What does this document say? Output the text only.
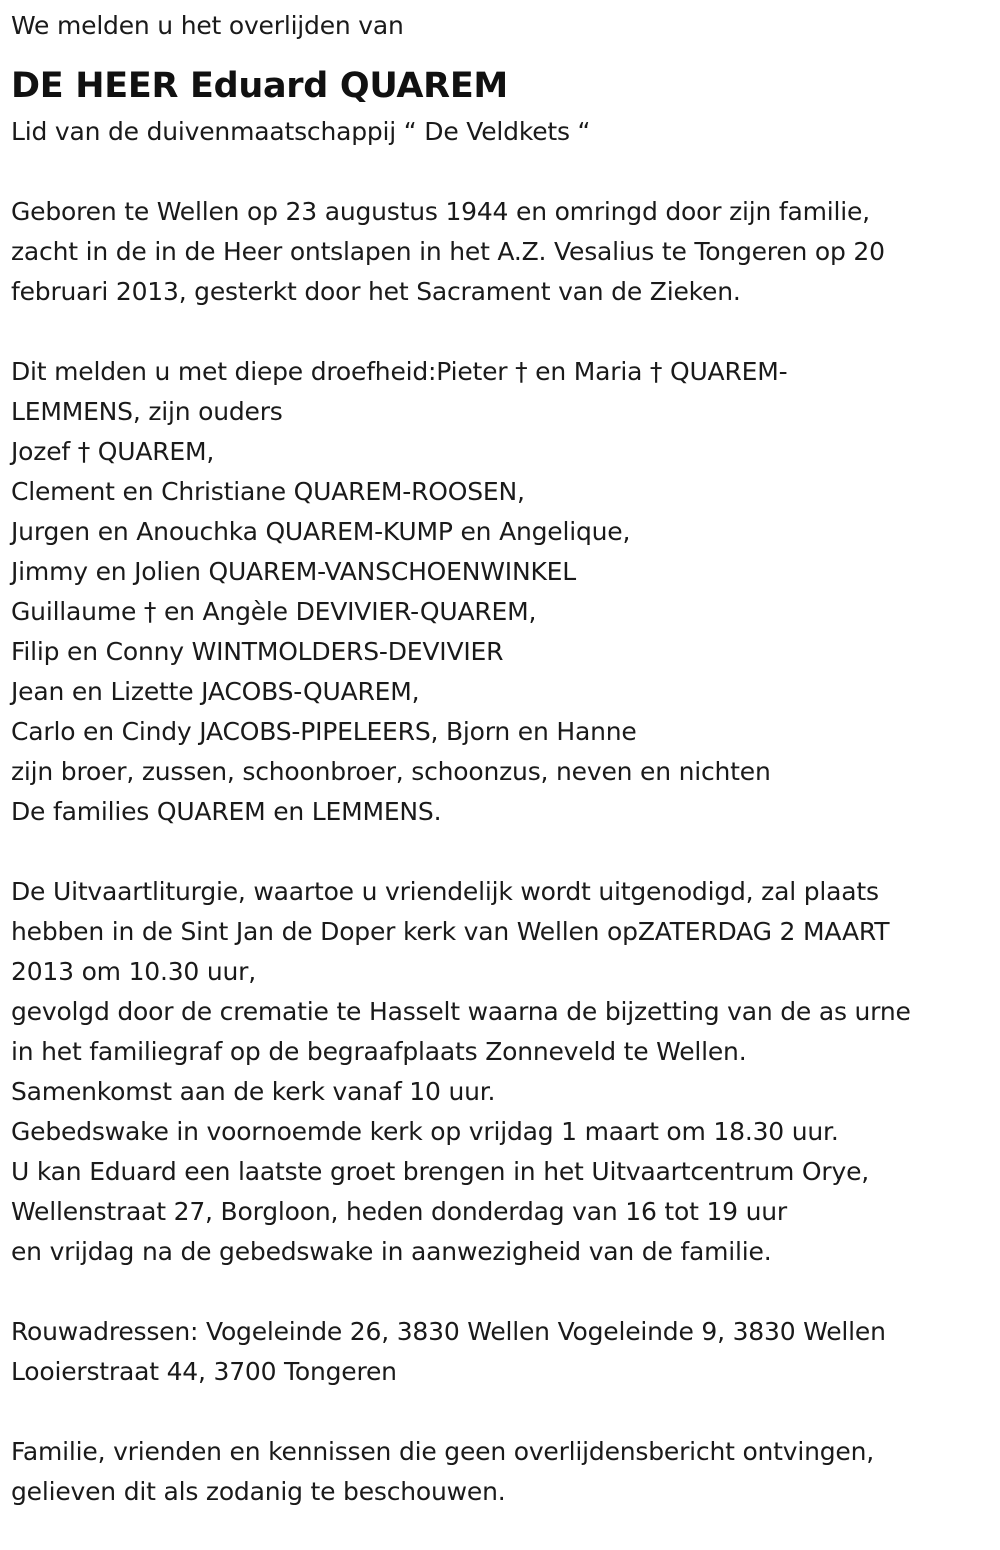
We melden u het overlijden van
DE HEER Eduard QUAREM
Lid van de duivenmaatschappij “ De Veldkets “
Geboren te Wellen op 23 augustus 1944 en omringd door zijn familie,
zacht in de in de Heer ontslapen in het A.Z. Vesalius te Tongeren op 20
februari 2013, gesterkt door het Sacrament van de Zieken.
Dit melden u met diepe droefheid:Pieter † en Maria † QUAREM-
LEMMENS, zijn ouders
Jozef † QUAREM,
Clement en Christiane QUAREM-ROOSEN,
Jurgen en Anouchka QUAREM-KUMP en Angelique,
Jimmy en Jolien QUAREM-VANSCHOENWINKEL
Guillaume † en Angèle DEVIVIER-QUAREM,
Filip en Conny WINTMOLDERS-DEVIVIER
Jean en Lizette JACOBS-QUAREM,
Carlo en Cindy JACOBS-PIPELEERS, Bjorn en Hanne
zijn broer, zussen, schoonbroer, schoonzus, neven en nichten
De families QUAREM en LEMMENS.
De Uitvaartliturgie, waartoe u vriendelijk wordt uitgenodigd, zal plaats
hebben in de Sint Jan de Doper kerk van Wellen opZATERDAG 2 MAART
2013 om 10.30 uur,
gevolgd door de crematie te Hasselt waarna de bijzetting van de as urne
in het familiegraf op de begraafplaats Zonneveld te Wellen.
Samenkomst aan de kerk vanaf 10 uur.
Gebedswake in voornoemde kerk op vrijdag 1 maart om 18.30 uur.
U kan Eduard een laatste groet brengen in het Uitvaartcentrum Orye,
Wellenstraat 27, Borgloon, heden donderdag van 16 tot 19 uur
en vrijdag na de gebedswake in aanwezigheid van de familie.
Rouwadressen: Vogeleinde 26, 3830 Wellen Vogeleinde 9, 3830 Wellen
Looierstraat 44, 3700 Tongeren
Familie, vrienden en kennissen die geen overlijdensbericht ontvingen,
gelieven dit als zodanig te beschouwen.
